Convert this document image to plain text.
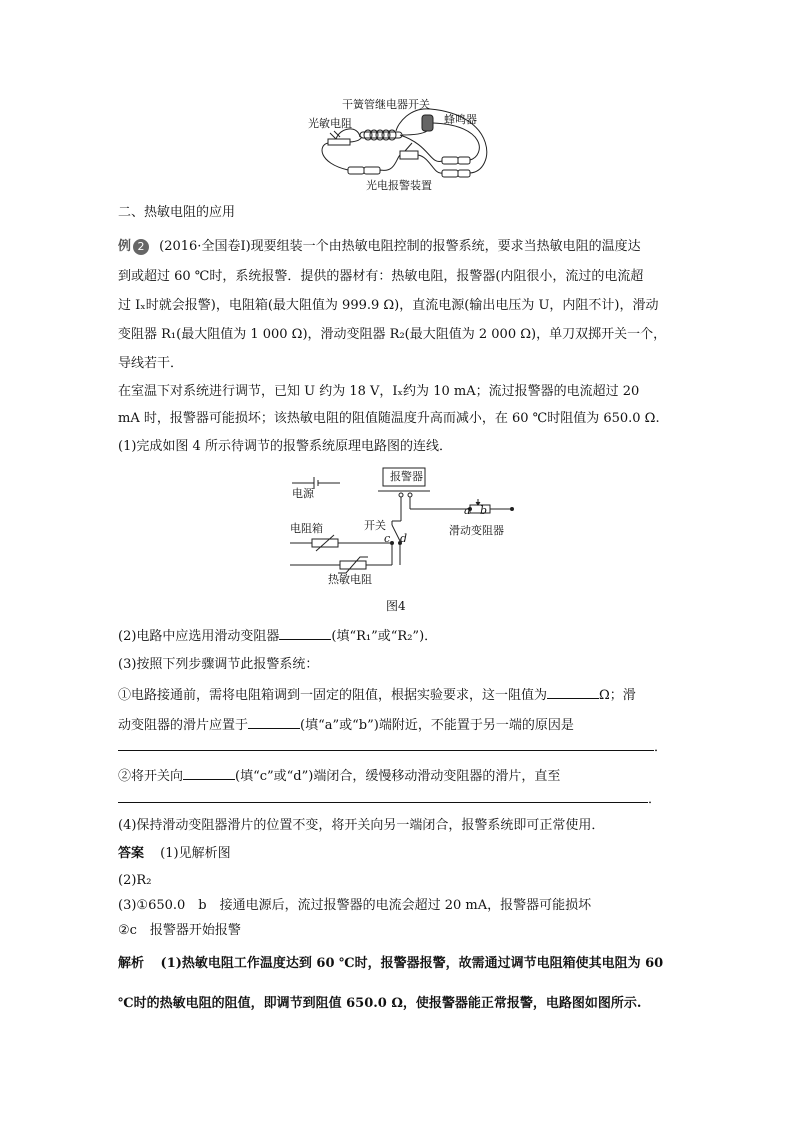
干簧管继电器开关
蜂鸣器
光敏电阻
光电报警装置
二、热敏电阻的应用
例 2 (2016·全国卷Ⅰ)现要组装一个由热敏电阻控制的报警系统，要求当热敏电阻的温度达
到或超过 60 ℃时，系统报警．提供的器材有：热敏电阻，报警器(内阻很小，流过的电流超
过 Iₓ时就会报警)，电阻箱(最大阻值为 999.9 Ω)，直流电源(输出电压为 U，内阻不计)，滑动
变阻器 R₁(最大阻值为 1 000 Ω)，滑动变阻器 R₂(最大阻值为 2 000 Ω)，单刀双掷开关一个，
导线若干．
在室温下对系统进行调节，已知 U 约为 18 V，Iₓ约为 10 mA；流过报警器的电流超过 20
mA 时，报警器可能损坏；该热敏电阻的阻值随温度升高而减小，在 60 ℃时阻值为 650.0 Ω.
(1)完成如图 4 所示待调节的报警系统原理电路图的连线．
电源
报警器
电阻箱	开关
c d
a b
滑动变阻器
热敏电阻
图4
(2)电路中应选用滑动变阻器	(填“R₁”或“R₂”)．
(3)按照下列步骤调节此报警系统：
①电路接通前，需将电阻箱调到一固定的阻值，根据实验要求，这一阻值为	Ω；滑
动变阻器的滑片应置于	(填“a”或“b”)端附近，不能置于另一端的原因是
．
②将开关向	(填“c”或“d”)端闭合，缓慢移动滑动变阻器的滑片，直至
．
(4)保持滑动变阻器滑片的位置不变，将开关向另一端闭合，报警系统即可正常使用．
答案 (1)见解析图
(2)R₂
(3)①650.0　b　接通电源后，流过报警器的电流会超过 20 mA，报警器可能损坏
②c　报警器开始报警
解析 (1)热敏电阻工作温度达到 60 ℃时，报警器报警，故需通过调节电阻箱使其电阻为 60
℃时的热敏电阻的阻值，即调节到阻值 650.0 Ω，使报警器能正常报警，电路图如图所示.
